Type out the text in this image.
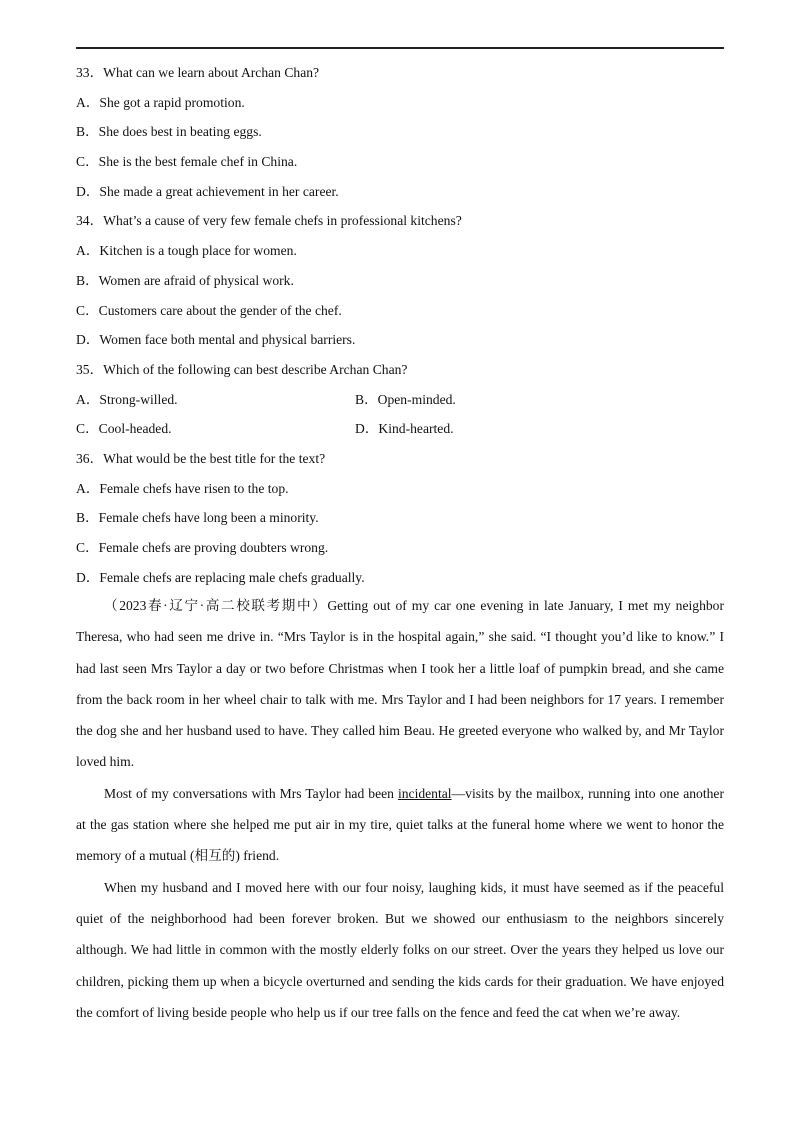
33．What can we learn about Archan Chan?
A．She got a rapid promotion.
B．She does best in beating eggs.
C．She is the best female chef in China.
D．She made a great achievement in her career.
34．What’s a cause of very few female chefs in professional kitchens?
A．Kitchen is a tough place for women.
B．Women are afraid of physical work.
C．Customers care about the gender of the chef.
D．Women face both mental and physical barriers.
35．Which of the following can best describe Archan Chan?
A．Strong-willed.	B．Open-minded.
C．Cool-headed.	D．Kind-hearted.
36．What would be the best title for the text?
A．Female chefs have risen to the top.
B．Female chefs have long been a minority.
C．Female chefs are proving doubters wrong.
D．Female chefs are replacing male chefs gradually.

（2023春·辽宁·高二校联考期中）Getting out of my car one evening in late January, I met my neighbor Theresa, who had seen me drive in. “Mrs Taylor is in the hospital again,” she said. “I thought you’d like to know.” I had last seen Mrs Taylor a day or two before Christmas when I took her a little loaf of pumpkin bread, and she came from the back room in her wheel chair to talk with me. Mrs Taylor and I had been neighbors for 17 years. I remember the dog she and her husband used to have. They called him Beau. He greeted everyone who walked by, and Mr Taylor loved him.

Most of my conversations with Mrs Taylor had been incidental—visits by the mailbox, running into one another at the gas station where she helped me put air in my tire, quiet talks at the funeral home where we went to honor the memory of a mutual (相互的) friend.

When my husband and I moved here with our four noisy, laughing kids, it must have seemed as if the peaceful quiet of the neighborhood had been forever broken. But we showed our enthusiasm to the neighbors sincerely although. We had little in common with the mostly elderly folks on our street. Over the years they helped us love our children, picking them up when a bicycle overturned and sending the kids cards for their graduation. We have enjoyed the comfort of living beside people who help us if our tree falls on the fence and feed the cat when we’re away.
